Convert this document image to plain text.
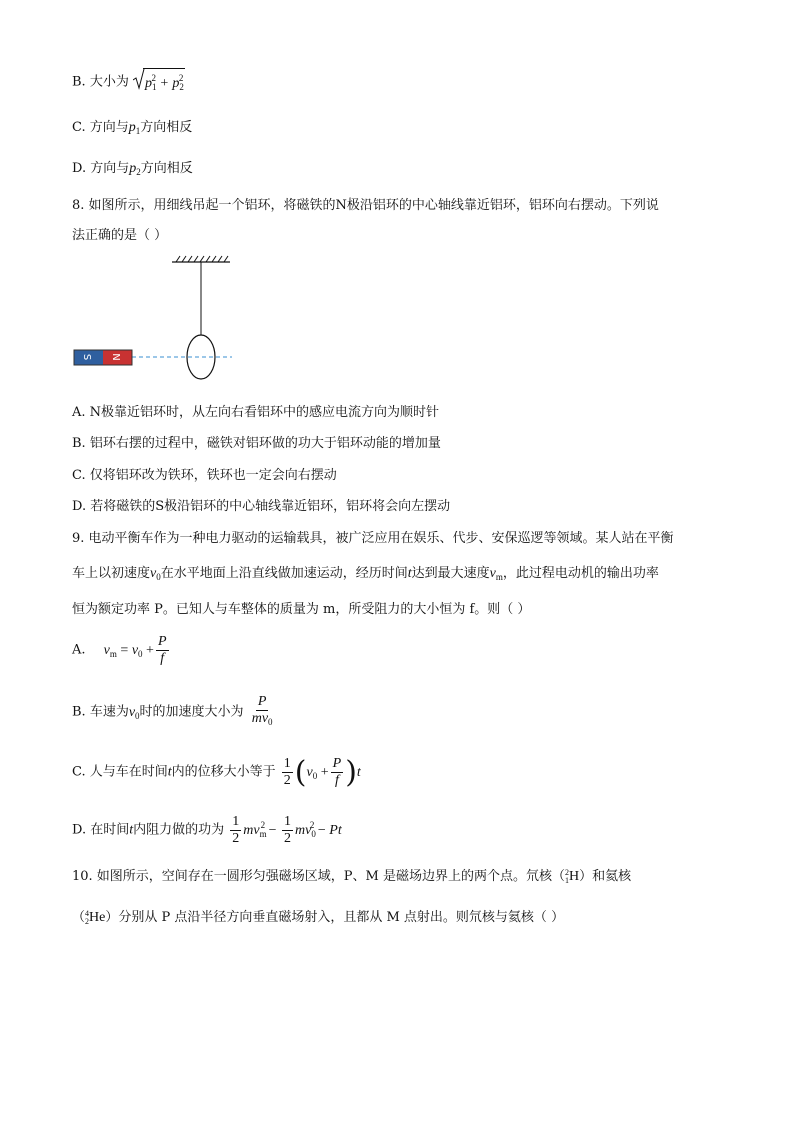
B. 大小为 $p_1^2 + p_2^2$
C. 方向与$p_1$方向相反
D. 方向与$p_2$方向相反
8. 如图所示，用细线吊起一个铝环，将磁铁的N极沿铝环的中心轴线靠近铝环，铝环向右摆动。下列说
法正确的是（ ）
S N
A. N极靠近铝环时，从左向右看铝环中的感应电流方向为顺时针
B. 铝环右摆的过程中，磁铁对铝环做的功大于铝环动能的增加量
C. 仅将铝环改为铁环，铁环也一定会向右摆动
D. 若将磁铁的S极沿铝环的中心轴线靠近铝环，铝环将会向左摆动
9. 电动平衡车作为一种电力驱动的运输载具，被广泛应用在娱乐、代步、安保巡逻等领域。某人站在平衡
车上以初速度$v_0$在水平地面上沿直线做加速运动，经历时间t达到最大速度$v_m$，此过程电动机的输出功率
恒为额定功率 P。已知人与车整体的质量为 m，所受阻力的大小恒为 f。则（ ）
A. $v_m = v_0 + \frac{P}{f}$
B. 车速为$v_0$时的加速度大小为 $\frac{P}{mv_0}$
C. 人与车在时间t内的位移大小等于 $\frac{1}{2} (v_0 + \frac{P}{f} )t$
D. 在时间t内阻力做的功为 $\frac{1}{2} mv_m^2 - \frac{1}{2} mv_0^2 - Pt$
10. 如图所示，空间存在一圆形匀强磁场区域，P、M 是磁场边界上的两个点。氘核（ 2
1 H）和氦核
（ 4
2 He）分别从 P 点沿半径方向垂直磁场射入，且都从 M 点射出。则氘核与氦核（ ）
